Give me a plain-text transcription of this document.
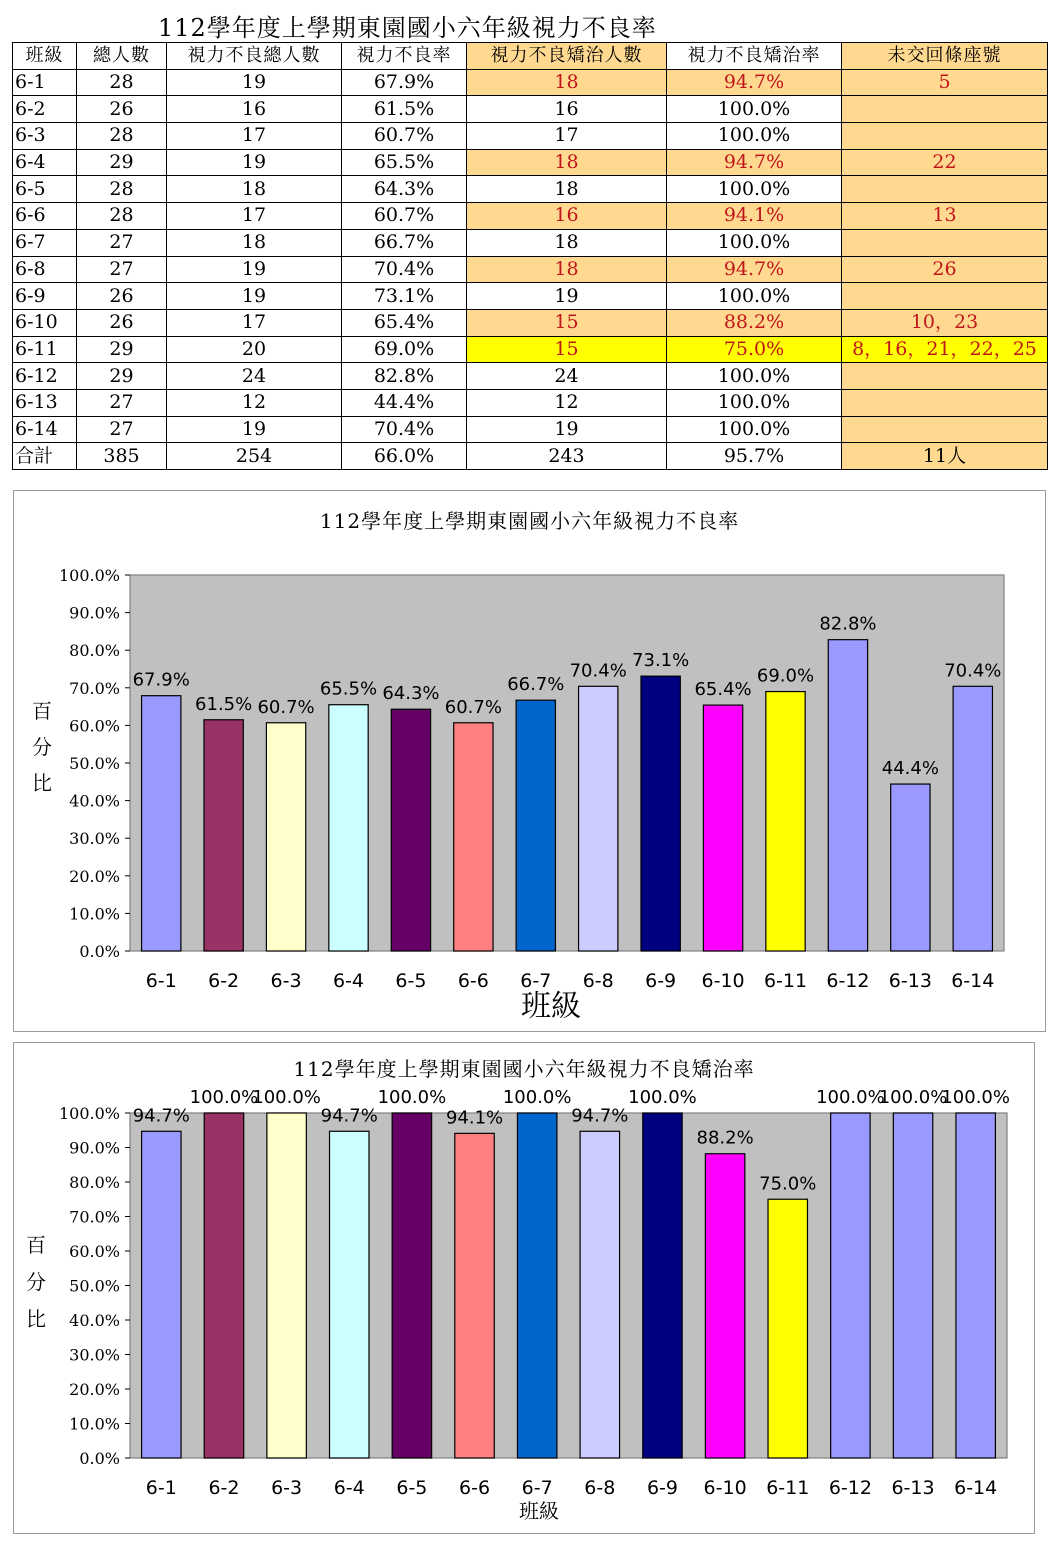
112學年度上學期東園國小六年級視力不良率
班級	總人數	視力不良總人數	視力不良率	視力不良矯治人數	視力不良矯治率	未交回條座號
6-1	28	19	67.9%	18	94.7%	5
6-2	26	16	61.5%	16	100.0%	
6-3	28	17	60.7%	17	100.0%	
6-4	29	19	65.5%	18	94.7%	22
6-5	28	18	64.3%	18	100.0%	
6-6	28	17	60.7%	16	94.1%	13
6-7	27	18	66.7%	18	100.0%	
6-8	27	19	70.4%	18	94.7%	26
6-9	26	19	73.1%	19	100.0%	
6-10	26	17	65.4%	15	88.2%	10，23
6-11	29	20	69.0%	15	75.0%	8，16，21，22，25
6-12	29	24	82.8%	24	100.0%	
6-13	27	12	44.4%	12	100.0%	
6-14	27	19	70.4%	19	100.0%	
合計	385	254	66.0%	243	95.7%	11人
112學年度上學期東園國小六年級視力不良率
百
分
比
0.0%
10.0%
20.0%
30.0%
40.0%
50.0%
60.0%
70.0%
80.0%
90.0%
100.0%
67.9%
6-1
61.5%
6-2
60.7%
6-3
65.5%
6-4
64.3%
6-5
60.7%
6-6
66.7%
6-7
70.4%
6-8
73.1%
6-9
65.4%
6-10
69.0%
6-11
82.8%
6-12
44.4%
6-13
70.4%
6-14
班級
112學年度上學期東園國小六年級視力不良矯治率
百
分
比
0.0%
10.0%
20.0%
30.0%
40.0%
50.0%
60.0%
70.0%
80.0%
90.0%
100.0% 94.7%
6-1
100.0%
6-2
100.0%
6-3
94.7%
6-4
100.0%
6-5
94.1%
6-6
100.0%
6-7
94.7%
6-8
100.0%
6-9
88.2%
6-10
75.0%
6-11
100.0%
6-12
100.0%
6-13
100.0%
6-14
班級
